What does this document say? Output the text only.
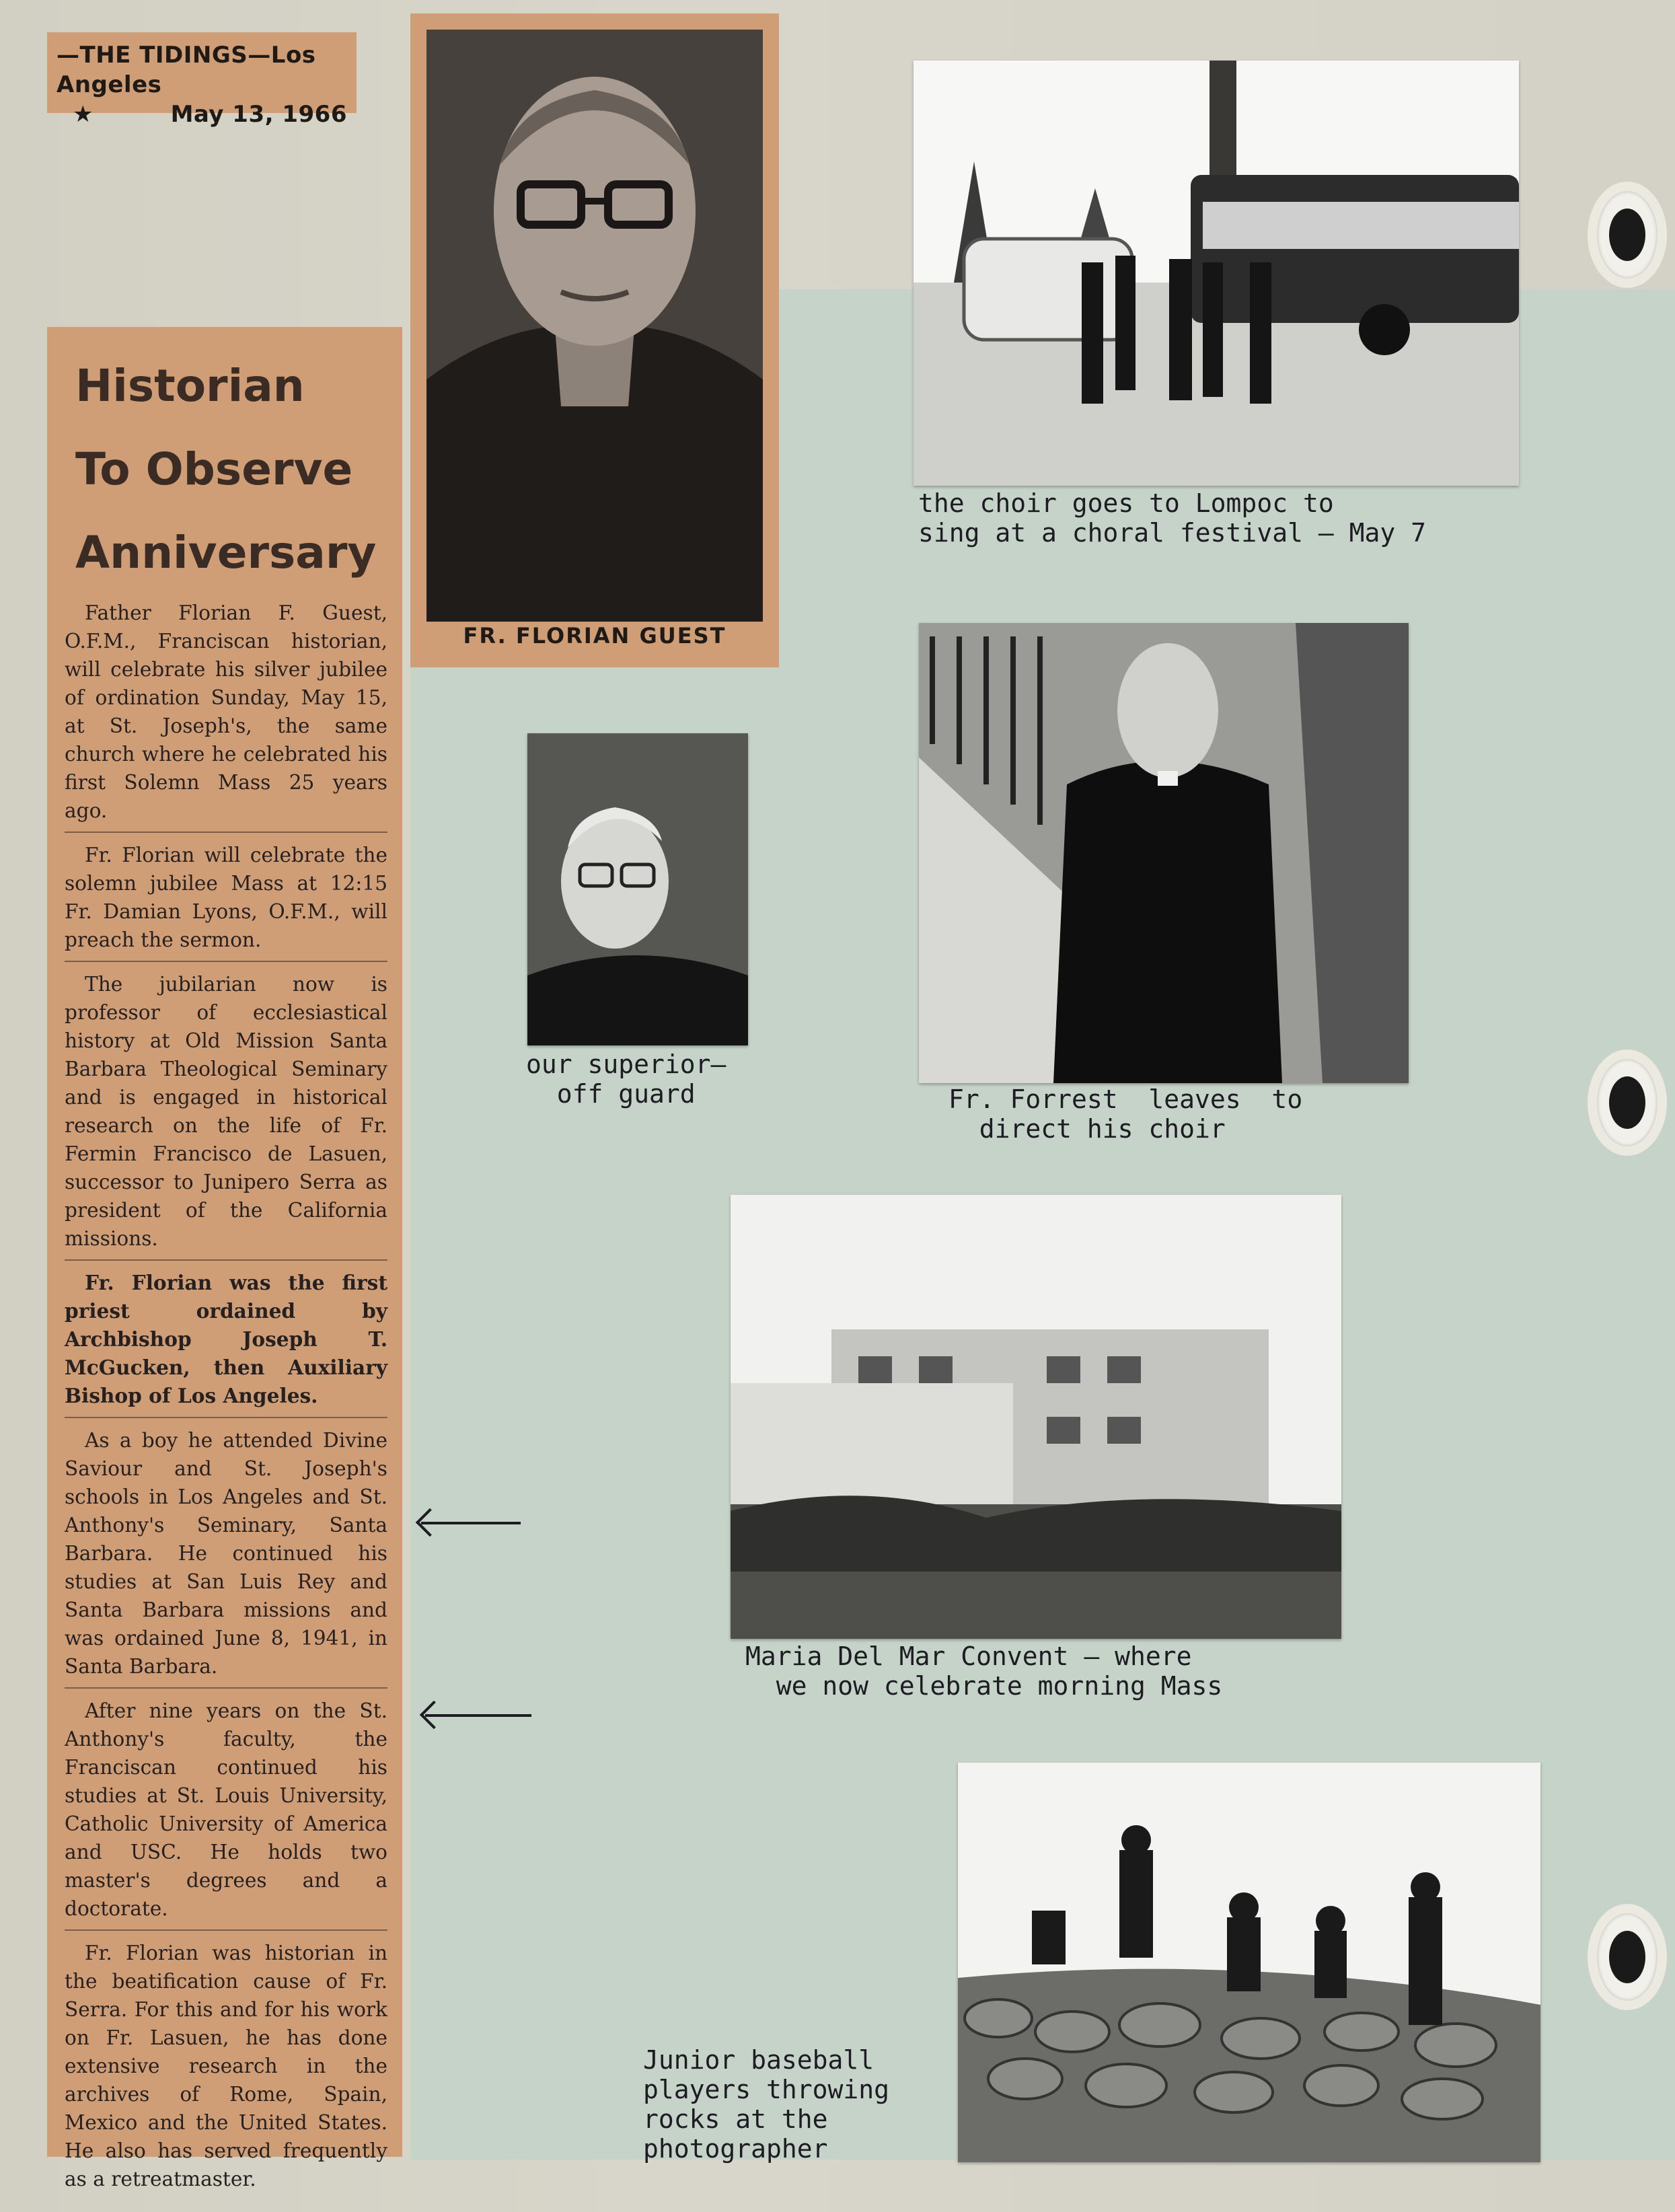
—THE TIDINGS—Los Angeles
★	May 13, 1966
FR. FLORIAN GUEST
Historian
To Observe
Anniversary

Father Florian F. Guest, O.F.M., Franciscan historian, will celebrate his silver jubilee of ordination Sunday, May 15, at St. Joseph's, the same church where he celebrated his first Solemn Mass 25 years ago.

Fr. Florian will celebrate the solemn jubilee Mass at 12:15 Fr. Damian Lyons, O.F.M., will preach the sermon.

The jubilarian now is professor of ecclesiastical history at Old Mission Santa Barbara Theological Seminary and is engaged in historical research on the life of Fr. Fermin Francisco de Lasuen, successor to Junipero Serra as president of the California missions.

Fr. Florian was the first priest ordained by Archbishop Joseph T. McGucken, then Auxiliary Bishop of Los Angeles.

As a boy he attended Divine Saviour and St. Joseph's schools in Los Angeles and St. Anthony's Seminary, Santa Barbara. He continued his studies at San Luis Rey and Santa Barbara missions and was ordained June 8, 1941, in Santa Barbara.

After nine years on the St. Anthony's faculty, the Franciscan continued his studies at St. Louis University, Catholic University of America and USC. He holds two master's degrees and a doctorate.

Fr. Florian was historian in the beatification cause of Fr. Serra. For this and for his work on Fr. Lasuen, he has done extensive research in the archives of Rome, Spain, Mexico and the United States. He also has served frequently as a retreatmaster.

the choir goes to Lompoc to
sing at a choral festival — May 7
our superior—
off guard	Fr. Forrest  leaves  to
direct his choir
Maria Del Mar Convent — where
we now celebrate morning Mass
Junior baseball
players throwing
rocks at the
photographer
